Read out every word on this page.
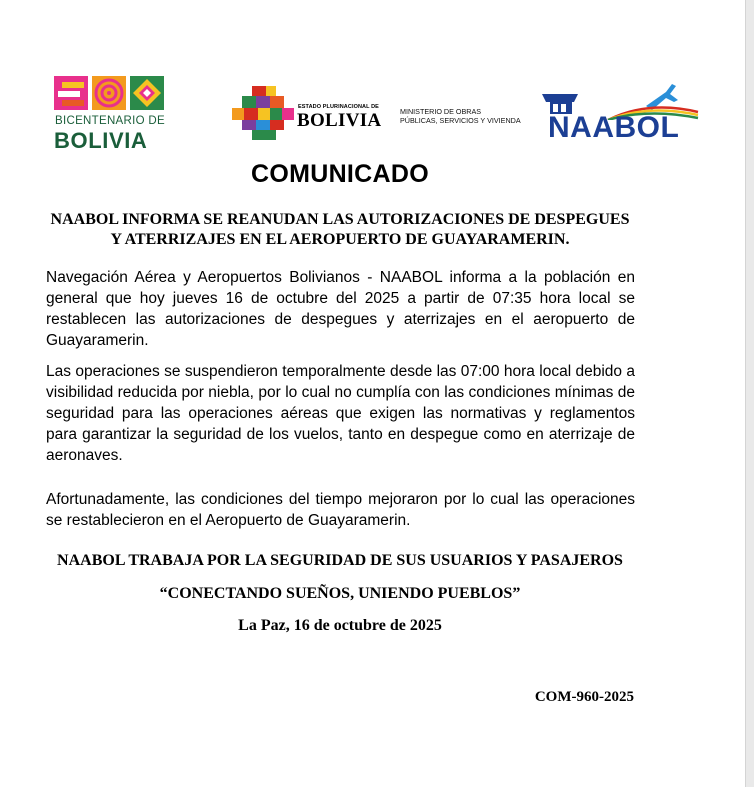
BICENTENARIO DE
BOLIVIA
ESTADO PLURINACIONAL DE
BOLIVIA	MINISTERIO DE OBRAS
PÚBLICAS, SERVICIOS Y VIVIENDA NAABOL
COMUNICADO
NAABOL INFORMA SE REANUDAN LAS AUTORIZACIONES DE DESPEGUES
Y ATERRIZAJES EN EL AEROPUERTO DE GUAYARAMERIN.

Navegación Aérea y Aeropuertos Bolivianos - NAABOL informa a la población en general que hoy jueves 16 de octubre del 2025 a partir de 07:35 hora local se restablecen las autorizaciones de despegues y aterrizajes en el aeropuerto de Guayaramerin.

Las operaciones se suspendieron temporalmente desde las 07:00 hora local debido a visibilidad reducida por niebla, por lo cual no cumplía con las condiciones mínimas de seguridad para las operaciones aéreas que exigen las normativas y reglamentos para garantizar la seguridad de los vuelos, tanto en despegue como en aterrizaje de aeronaves.

Afortunadamente, las condiciones del tiempo mejoraron por lo cual las operaciones se restablecieron en el Aeropuerto de Guayaramerin.

NAABOL TRABAJA POR LA SEGURIDAD DE SUS USUARIOS Y PASAJEROS
“CONECTANDO SUEÑOS, UNIENDO PUEBLOS”
La Paz, 16 de octubre de 2025
COM-960-2025
